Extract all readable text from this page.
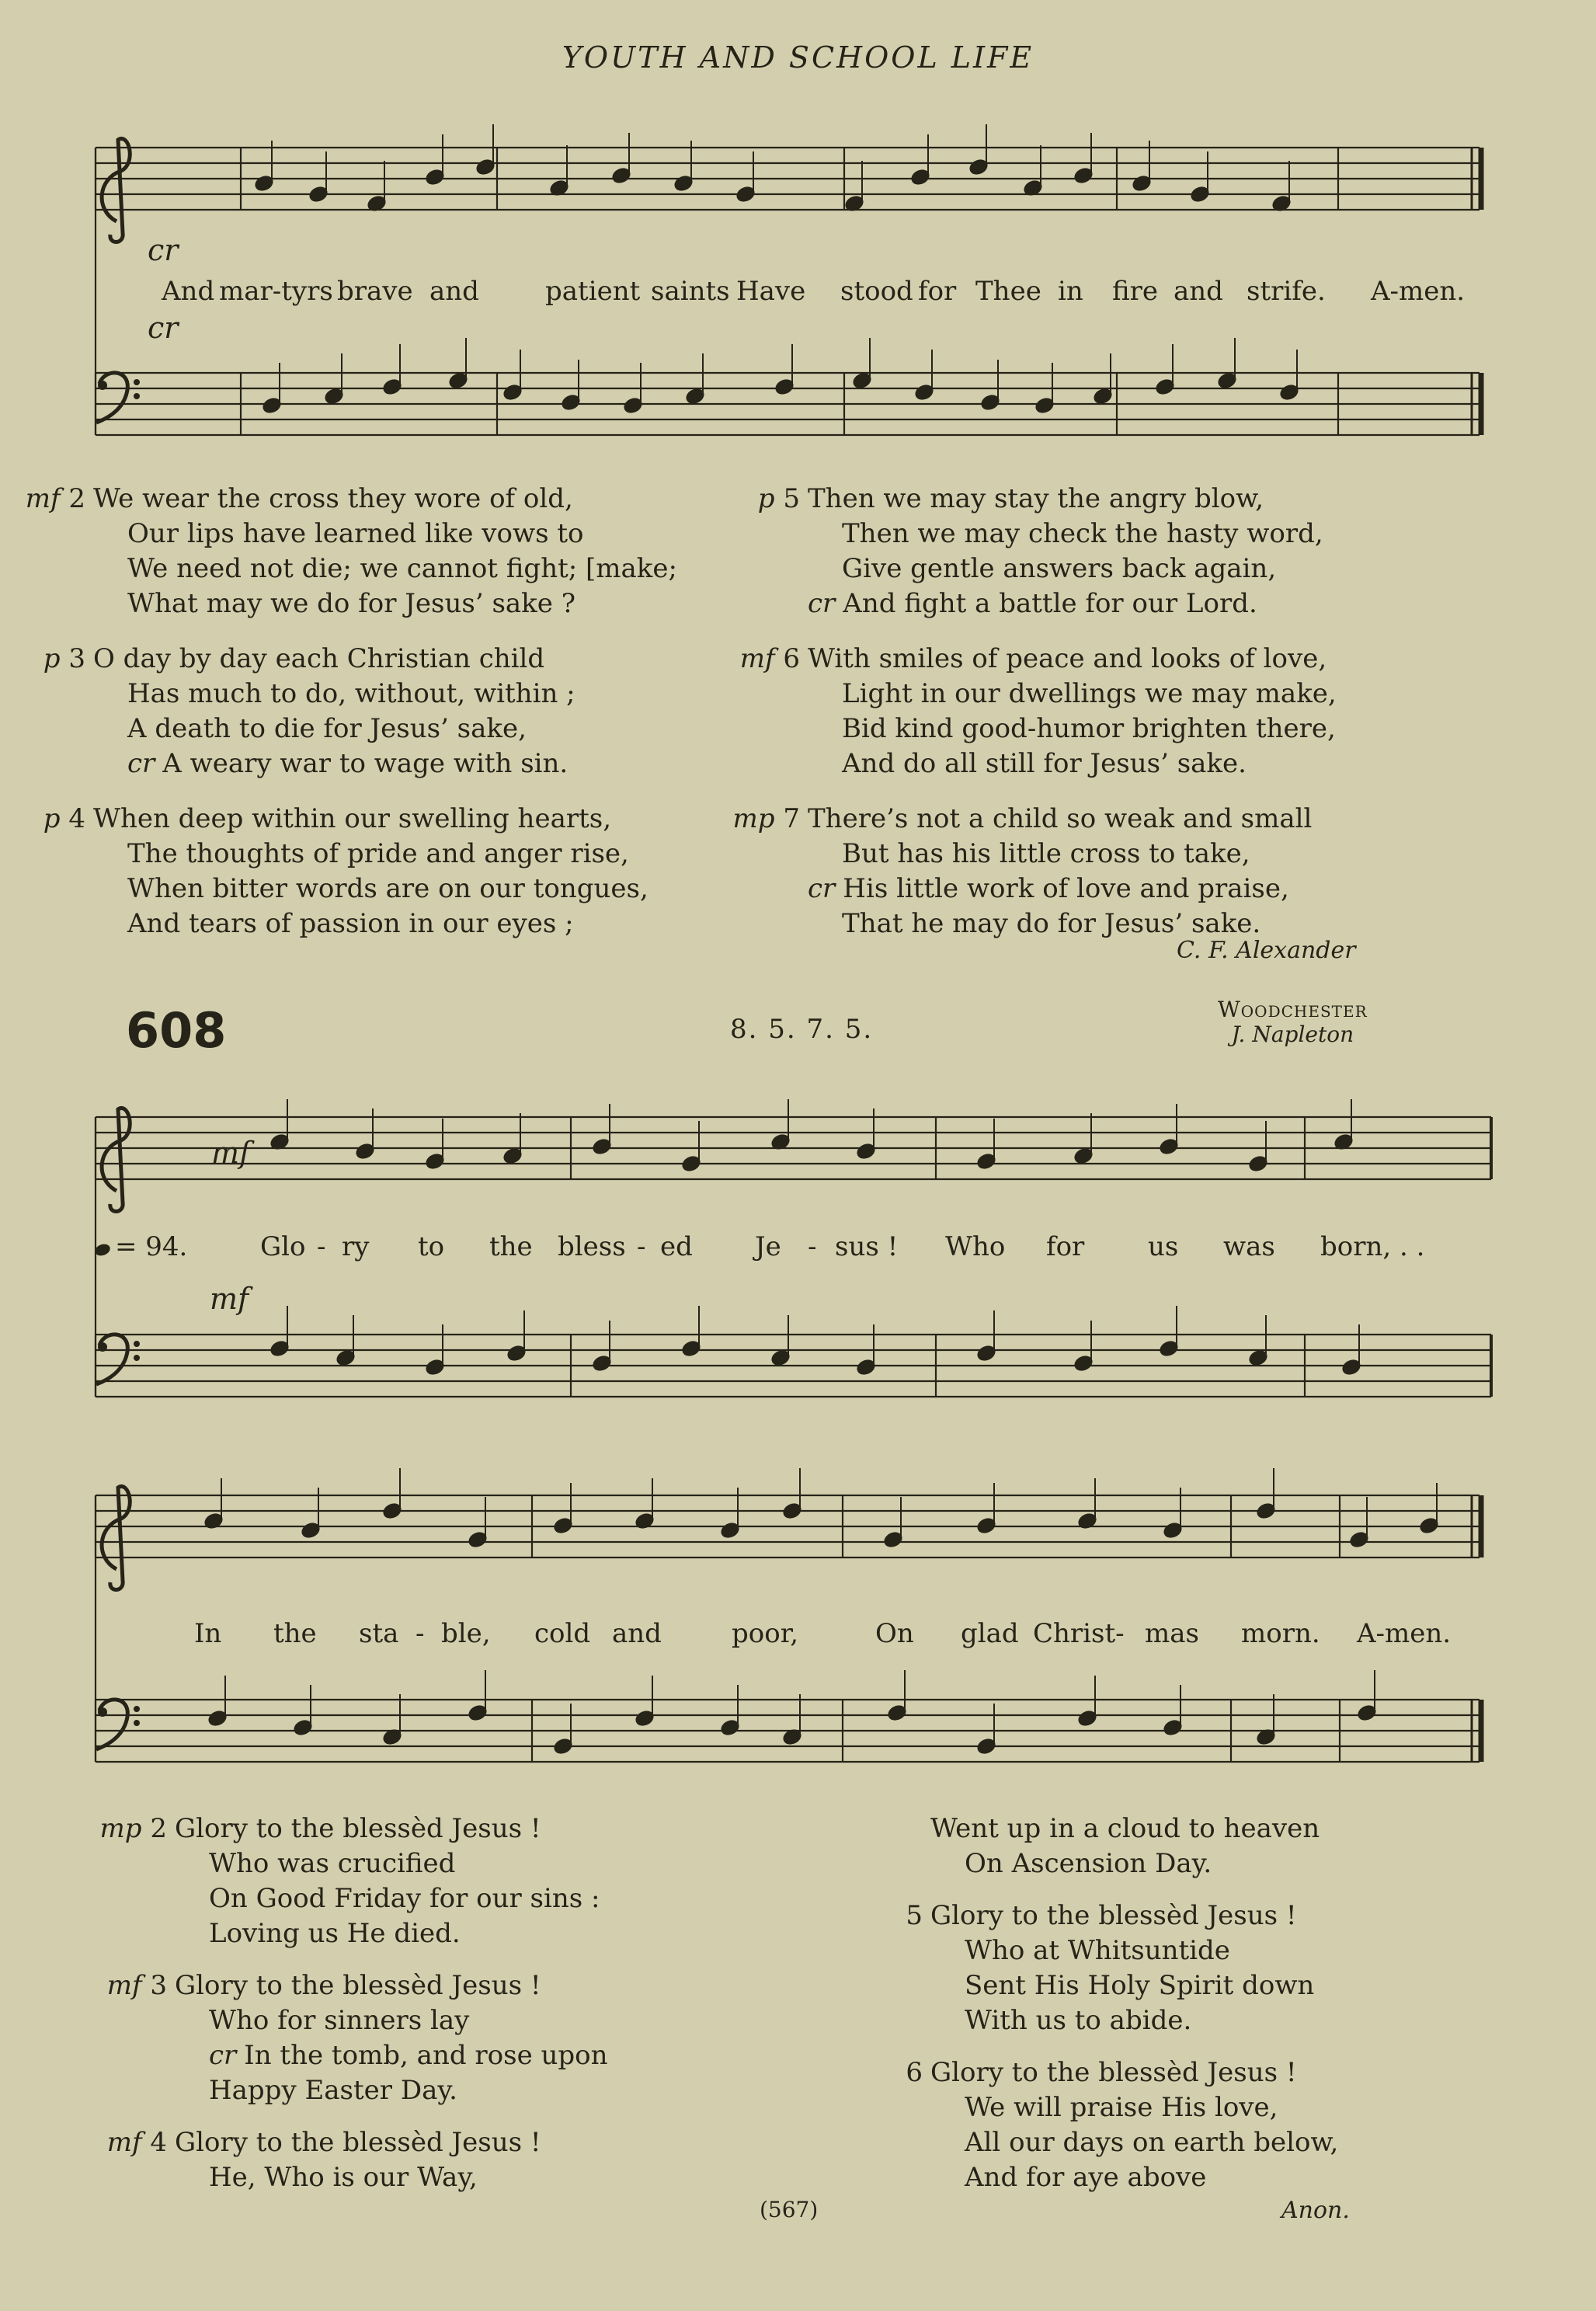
YOUTH AND SCHOOL LIFE
cr
cr
And mar-tyrs brave and	patient saints Have stood for Thee in fire and strife. A-men.
mf 2 We wear the cross they wore of old,
Our lips have learned like vows to
We need not die; we cannot fight; [make;
What may we do for Jesus’ sake ?
p 3 O day by day each Christian child
Has much to do, without, within ;
A death to die for Jesus’ sake,
cr A weary war to wage with sin.
p 4 When deep within our swelling hearts,
The thoughts of pride and anger rise,
When bitter words are on our tongues,
And tears of passion in our eyes ;
p 5 Then we may stay the angry blow,
Then we may check the hasty word,
Give gentle answers back again,
cr And fight a battle for our Lord.
mf 6 With smiles of peace and looks of love,
Light in our dwellings we may make,
Bid kind good-humor brighten there,
And do all still for Jesus’ sake.
mp 7 There’s not a child so weak and small
But has his little cross to take,
cr His little work of love and praise,
That he may do for Jesus’ sake.
C. F. Alexander
608	8. 5. 7. 5.
Woodchester
J. Napleton
mf
mf
= 94.	Glo - ry to the bless - ed Je - sus ! Who for us was born, . .
In the sta - ble, cold and	poor,	On glad Christ- mas morn. A-men.
mp 2 Glory to the blessèd Jesus !
Who was crucified
On Good Friday for our sins :
Loving us He died.
mf 3 Glory to the blessèd Jesus !
Who for sinners lay
cr In the tomb, and rose upon
Happy Easter Day.
mf 4 Glory to the blessèd Jesus !
He, Who is our Way,
Went up in a cloud to heaven
On Ascension Day.
5 Glory to the blessèd Jesus !
Who at Whitsuntide
Sent His Holy Spirit down
With us to abide.
6 Glory to the blessèd Jesus !
We will praise His love,
All our days on earth below,
And for aye above
Anon.
(567)
